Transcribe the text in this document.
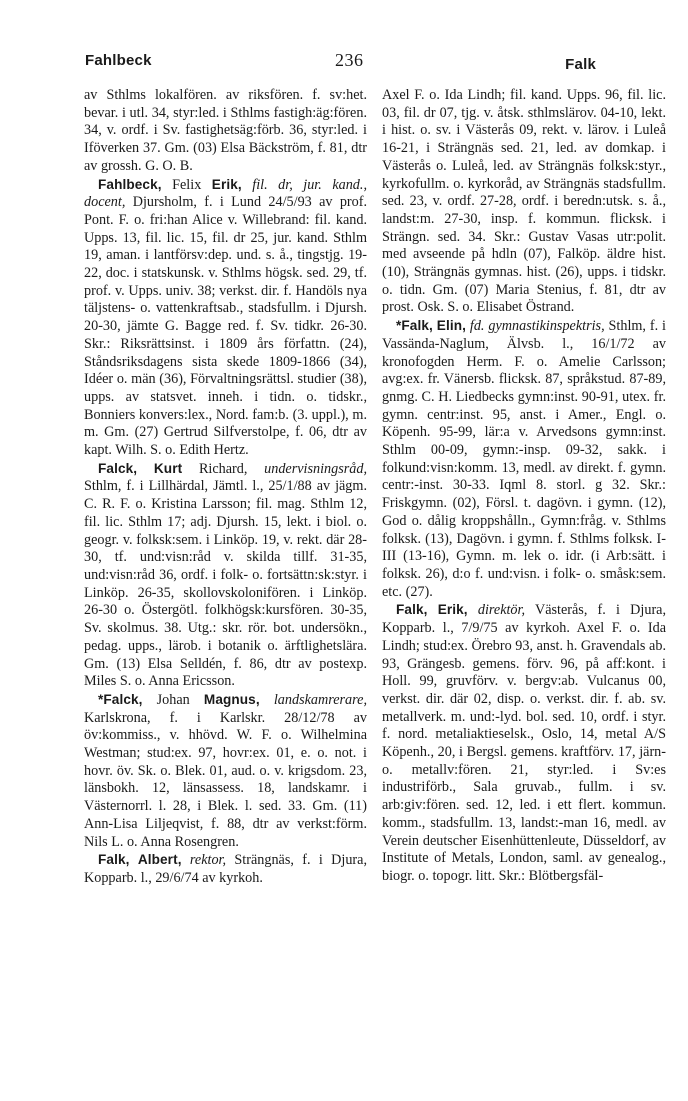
Fahlbeck	236	Falk

av Sthlms lokalfören. av riksfören. f. sv:het. bevar. i utl. 34, styr:led. i Sthlms fastigh:äg:fören. 34, v. ordf. i Sv. fastighetsäg:förb. 36, styr:led. i Iföverken 37. Gm. (03) Elsa Bäckström, f. 81, dtr av grossh. G. O. B.

Fahlbeck, Felix Erik, fil. dr, jur. kand., docent, Djursholm, f. i Lund 24/5/93 av prof. Pont. F. o. fri:han Alice v. Willebrand: fil. kand. Upps. 13, fil. lic. 15, fil. dr 25, jur. kand. Sthlm 19, aman. i lantförsv:dep. und. s. å., tingstjg. 19-22, doc. i statskunsk. v. Sthlms högsk. sed. 29, tf. prof. v. Upps. univ. 38; verkst. dir. f. Handöls nya täljstens- o. vattenkraftsab., stadsfullm. i Djursh. 20-30, jämte G. Bagge red. f. Sv. tidkr. 26-30. Skr.: Riksrättsinst. i 1809 års författn. (24), Ståndsriksdagens sista skede 1809-1866 (34), Idéer o. män (36), Förvaltningsrättsl. studier (38), upps. av statsvet. inneh. i tidn. o. tidskr., Bonniers konvers:lex., Nord. fam:b. (3. uppl.), m. m. Gm. (27) Gertrud Silfverstolpe, f. 06, dtr av kapt. Wilh. S. o. Edith Hertz.

Falck, Kurt Richard, undervisningsråd, Sthlm, f. i Lillhärdal, Jämtl. l., 25/1/88 av jägm. C. R. F. o. Kristina Larsson; fil. mag. Sthlm 12, fil. lic. Sthlm 17; adj. Djursh. 15, lekt. i biol. o. geogr. v. folksk:sem. i Linköp. 19, v. rekt. där 28-30, tf. und:visn:råd v. skilda tillf. 31-35, und:visn:råd 36, ordf. i folk- o. fortsättn:sk:styr. i Linköp. 26-35, skollovskolonifören. i Linköp. 26-30 o. Östergötl. folkhögsk:kursfören. 30-35, Sv. skolmus. 38. Utg.: skr. rör. bot. undersökn., pedag. upps., lärob. i botanik o. ärftlighetslära. Gm. (13) Elsa Selldén, f. 86, dtr av postexp. Miles S. o. Anna Ericsson.

*Falck, Johan Magnus, landskamrerare, Karlskrona, f. i Karlskr. 28/12/78 av öv:kommiss., v. hhövd. W. F. o. Wilhelmina Westman; stud:ex. 97, hovr:ex. 01, e. o. not. i hovr. öv. Sk. o. Blek. 01, aud. o. v. krigsdom. 23, länsbokh. 12, länsassess. 18, landskamr. i Västernorrl. l. 28, i Blek. l. sed. 33. Gm. (11) Ann-Lisa Liljeqvist, f. 88, dtr av verkst:förm. Nils L. o. Anna Rosengren.

Falk, Albert, rektor, Strängnäs, f. i Djura, Kopparb. l., 29/6/74 av kyrkoh.

Axel F. o. Ida Lindh; fil. kand. Upps. 96, fil. lic. 03, fil. dr 07, tjg. v. åtsk. sthlmslärov. 04-10, lekt. i hist. o. sv. i Västerås 09, rekt. v. lärov. i Luleå 16-21, i Strängnäs sed. 21, led. av domkap. i Västerås o. Luleå, led. av Strängnäs folksk:styr., kyrkofullm. o. kyrkoråd, av Strängnäs stadsfullm. sed. 23, v. ordf. 27-28, ordf. i beredn:utsk. s. å., landst:m. 27-30, insp. f. kommun. flicksk. i Strängn. sed. 34. Skr.: Gustav Vasas utr:polit. med avseende på hdln (07), Falköp. äldre hist. (10), Strängnäs gymnas. hist. (26), upps. i tidskr. o. tidn. Gm. (07) Maria Stenius, f. 81, dtr av prost. Osk. S. o. Elisabet Östrand.

*Falk, Elin, fd. gymnastikinspektris, Sthlm, f. i Vassända-Naglum, Älvsb. l., 16/1/72 av kronofogden Herm. F. o. Amelie Carlsson; avg:ex. fr. Vänersb. flicksk. 87, språkstud. 87-89, gnmg. C. H. Liedbecks gymn:inst. 90-91, utex. fr. gymn. centr:inst. 95, anst. i Amer., Engl. o. Köpenh. 95-99, lär:a v. Arvedsons gymn:inst. Sthlm 00-09, gymn:-insp. 09-32, sakk. i folkund:visn:komm. 13, medl. av direkt. f. gymn. centr:-inst. 30-33. Iqml 8. storl. g 32. Skr.: Friskgymn. (02), Försl. t. dagövn. i gymn. (12), God o. dålig kroppshålln., Gymn:fråg. v. Sthlms folksk. (13), Dagövn. i gymn. f. Sthlms folksk. I-III (13-16), Gymn. m. lek o. idr. (i Arb:sätt. i folksk. 26), d:o f. und:visn. i folk- o. småsk:sem. etc. (27).

Falk, Erik, direktör, Västerås, f. i Djura, Kopparb. l., 7/9/75 av kyrkoh. Axel F. o. Ida Lindh; stud:ex. Örebro 93, anst. h. Gravendals ab. 93, Grängesb. gemens. förv. 96, på aff:kont. i Holl. 99, gruvförv. v. bergv:ab. Vulcanus 00, verkst. dir. där 02, disp. o. verkst. dir. f. ab. sv. metallverk. m. und:-lyd. bol. sed. 10, ordf. i styr. f. nord. metaliaktieselsk., Oslo, 14, metal A/S Köpenh., 20, i Bergsl. gemens. kraftförv. 17, järn- o. metallv:fören. 21, styr:led. i Sv:es industriförb., Sala gruvab., fullm. i sv. arb:giv:fören. sed. 12, led. i ett flert. kommun. komm., stadsfullm. 13, landst:-man 16, medl. av Verein deutscher Eisenhüttenleute, Düsseldorf, av Institute of Metals, London, saml. av genealog., biogr. o. topogr. litt. Skr.: Blötbergsfäl-
